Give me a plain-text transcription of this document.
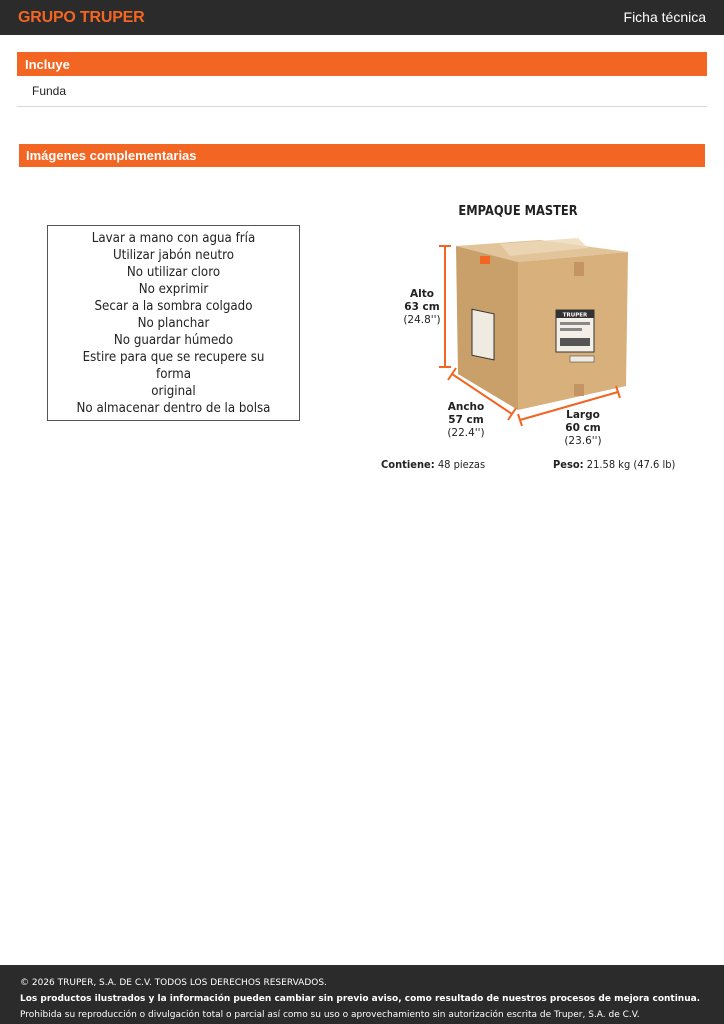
GRUPO TRUPER	Ficha técnica
Incluye
Funda
Imágenes complementarias
Lavar a mano con agua fría
Utilizar jabón neutro
No utilizar cloro
No exprimir
Secar a la sombra colgado
No planchar
No guardar húmedo
Estire para que se recupere su forma
original
No almacenar dentro de la bolsa
EMPAQUE MASTER
TRUPER
Alto
63 cm
(24.8'')
Ancho
57 cm
(22.4'')
Largo
60 cm
(23.6'')
Contiene: 48 piezas	Peso: 21.58 kg (47.6 lb)
© 2026 TRUPER, S.A. DE C.V. TODOS LOS DERECHOS RESERVADOS.
Los productos ilustrados y la información pueden cambiar sin previo aviso, como resultado de nuestros procesos de mejora continua.
Prohibida su reproducción o divulgación total o parcial así como su uso o aprovechamiento sin autorización escrita de Truper, S.A. de C.V.
